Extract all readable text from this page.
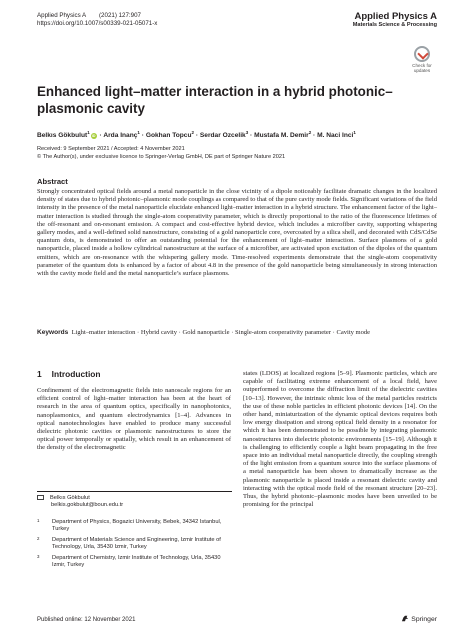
Applied Physics A (2021) 127:907
https://doi.org/10.1007/s00339-021-05071-x
Applied Physics A
Materials Science & Processing
Check for
updates
Enhanced light–matter interaction in a hybrid photonic–plasmonic cavity
Belkıs Gökbulut$^1$iD · Arda Inanç$^1$ · Gokhan Topcu$^2$ · Serdar Ozcelik$^3$ · Mustafa M. Demir$^2$ · M. Naci Inci$^1$
Received: 9 September 2021 / Accepted: 4 November 2021
© The Author(s), under exclusive licence to Springer-Verlag GmbH, DE part of Springer Nature 2021
Abstract
Strongly concentrated optical fields around a metal nanoparticle in the close vicinity of a dipole noticeably facilitate dramatic changes in the localized density of states due to hybrid photonic–plasmonic mode couplings as compared to that of the pure cavity mode fields. Significant variations of the field intensity in the presence of the metal nanoparticle elucidate enhanced light–matter interaction in a hybrid structure. The enhancement factor of the light–matter interaction is studied through the single-atom cooperativity parameter, which is directly proportional to the ratio of the fluorescence lifetimes of the off-resonant and on-resonant emission. A compact and cost-effective hybrid device, which includes a microfiber cavity, supporting whispering gallery modes, and a well-defined solid nanostructure, consisting of a gold nanoparticle core, overcoated by a silica shell, and decorated with CdS/CdSe quantum dots, is demonstrated to offer an outstanding potential for the enhancement of light–matter interaction. Surface plasmons of a gold nanoparticle, placed inside a hollow cylindrical nanostructure at the surface of a microfiber, are activated upon excitation of the dipoles of the quantum emitters, which are on-resonance with the whispering gallery mode. Time-resolved experiments demonstrate that the single-atom cooperativity parameter of the quantum dots is enhanced by a factor of about 4.8 in the presence of the gold nanoparticle being simultaneously in strong interaction with the cavity mode field and the metal nanoparticle’s surface plasmons.
Keywords Light–matter interaction · Hybrid cavity · Gold nanoparticle · Single-atom cooperativity parameter · Cavity mode
1 Introduction
Confinement of the electromagnetic fields into nanoscale regions for an efficient control of light–matter interaction has been at the heart of research in the area of quantum optics, specifically in nanophotonics, nanoplasmonics, and quantum electrodynamics [1–4]. Advances in optical nanotechnologies have enabled to produce many successful dielectric photonic cavities or plasmonic nanostructures to store the optical power temporally or spatially, which result in an enhancement of the density of the electromagnetic
states (LDOS) at localized regions [5–9]. Plasmonic particles, which are capable of facilitating extreme enhancement of a local field, have outperformed to overcome the diffraction limit of the dielectric cavities [10–13]. However, the intrinsic ohmic loss of the metal particles restricts the use of these noble particles in efficient photonic devices [14]. On the other hand, miniaturization of the dynamic optical devices requires both low energy dissipation and strong optical field density in a resonator for which it has been demonstrated to be possible by integrating plasmonic nanostructures into dielectric photonic environments [15–19]. Although it is challenging to efficiently couple a light beam propagating in the free space into an individual metal nanoparticle directly, the coupling strength of the light emission from a quantum source into the surface plasmons of a metal nanoparticle has been shown to dramatically increase as the plasmonic nanoparticle is placed inside a resonant dielectric cavity and interacting with the optical mode field of the resonant structure [20–23]. Thus, the hybrid photonic–plasmonic modes have been unveiled to be promising for the principal
Belkıs Gökbulut
belkis.gokbulut@boun.edu.tr
1 Department of Physics, Bogazici University, Bebek, 34342 Istanbul, Turkey
2 Department of Materials Science and Engineering, Izmir Institute of Technology, Urla, 35430 Izmir, Turkey
3 Department of Chemistry, Izmir Institute of Technology, Urla, 35430 Izmir, Turkey
Published online: 12 November 2021	Springer
